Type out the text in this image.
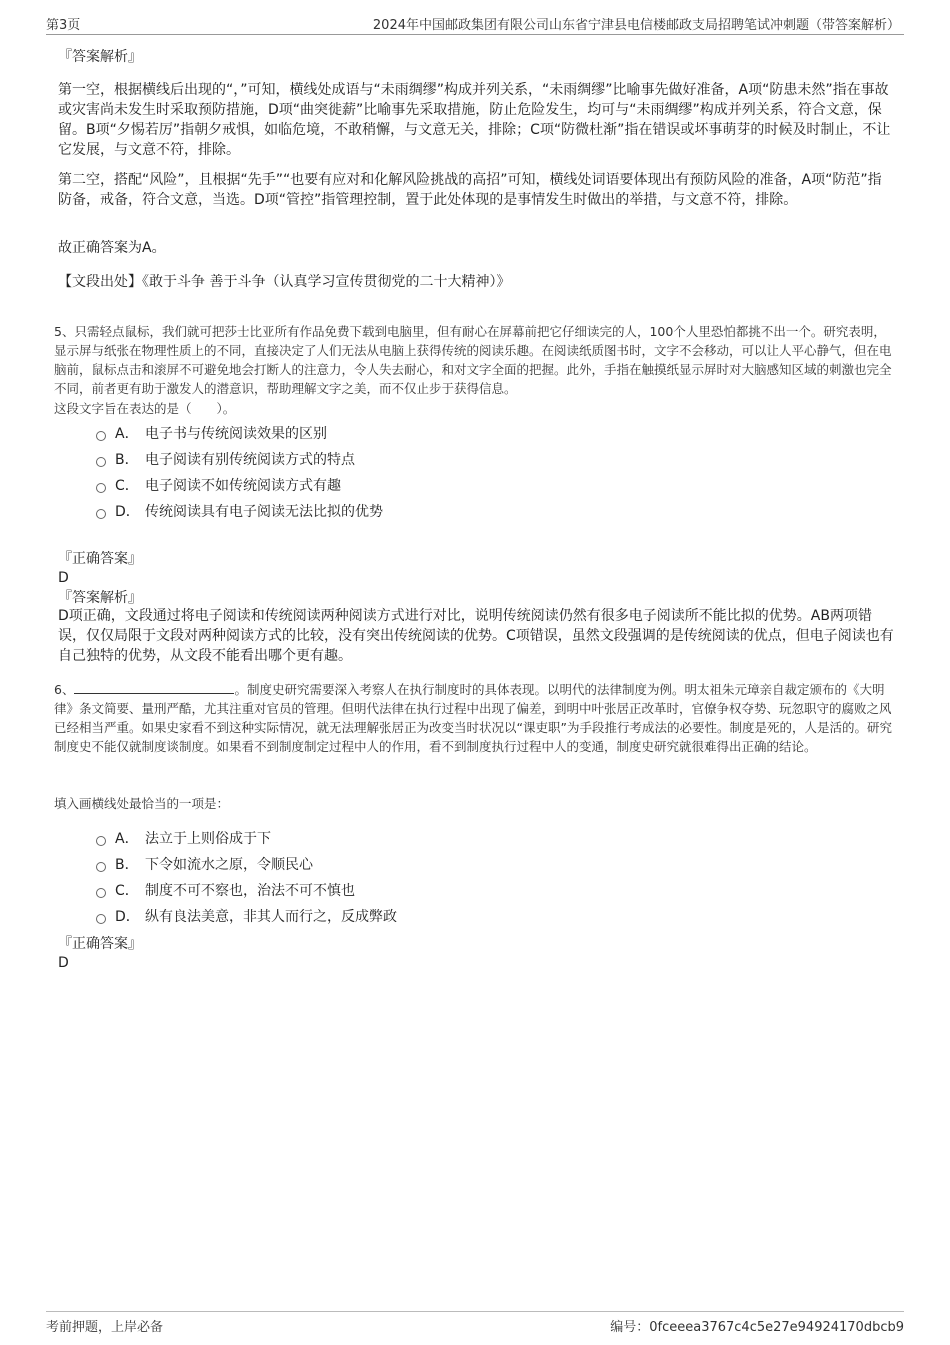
第3页	2024年中国邮政集团有限公司山东省宁津县电信楼邮政支局招聘笔试冲刺题（带答案解析）
『答案解析』

第一空，根据横线后出现的“，”可知，横线处成语与“未雨绸缪”构成并列关系，“未雨绸缪”比喻事先做好准备，A项“防患未然”指在事故或灾害尚未发生时采取预防措施，D项“曲突徙薪”比喻事先采取措施，防止危险发生，均可与“未雨绸缪”构成并列关系，符合文意，保留。B项“夕惕若厉”指朝夕戒惧，如临危境，不敢稍懈，与文意无关，排除；C项“防微杜渐”指在错误或坏事萌芽的时候及时制止，不让它发展，与文意不符，排除。

第二空，搭配“风险”，且根据“先手”“也要有应对和化解风险挑战的高招”可知，横线处词语要体现出有预防风险的准备，A项“防范”指防备，戒备，符合文意，当选。D项“管控”指管理控制，置于此处体现的是事情发生时做出的举措，与文意不符，排除。

故正确答案为A。

【文段出处】《敢于斗争 善于斗争（认真学习宣传贯彻党的二十大精神）》

5、只需轻点鼠标，我们就可把莎士比亚所有作品免费下载到电脑里，但有耐心在屏幕前把它仔细读完的人，100个人里恐怕都挑不出一个。研究表明，显示屏与纸张在物理性质上的不同，直接决定了人们无法从电脑上获得传统的阅读乐趣。在阅读纸质图书时，文字不会移动，可以让人平心静气，但在电脑前，鼠标点击和滚屏不可避免地会打断人的注意力，令人失去耐心，和对文字全面的把握。此外，手指在触摸纸显示屏时对大脑感知区域的刺激也完全不同，前者更有助于激发人的潜意识，帮助理解文字之美，而不仅止步于获得信息。

这段文字旨在表达的是（　　）。

A． 电子书与传统阅读效果的区别
B． 电子阅读有别传统阅读方式的特点
C． 电子阅读不如传统阅读方式有趣
D． 传统阅读具有电子阅读无法比拟的优势
『正确答案』
D
『答案解析』

D项正确，文段通过将电子阅读和传统阅读两种阅读方式进行对比，说明传统阅读仍然有很多电子阅读所不能比拟的优势。AB两项错误，仅仅局限于文段对两种阅读方式的比较，没有突出传统阅读的优势。C项错误，虽然文段强调的是传统阅读的优点，但电子阅读也有自己独特的优势，从文段不能看出哪个更有趣。

6、	。制度史研究需要深入考察人在执行制度时的具体表现。以明代的法律制度为例。明太祖朱元璋亲自裁定颁布的《大明律》条文简要、量刑严酷，尤其注重对官员的管理。但明代法律在执行过程中出现了偏差，到明中叶张居正改革时，官僚争权夺势、玩忽职守的腐败之风已经相当严重。如果史家看不到这种实际情况，就无法理解张居正为改变当时状况以“课吏职”为手段推行考成法的必要性。制度是死的，人是活的。研究制度史不能仅就制度谈制度。如果看不到制度制定过程中人的作用，看不到制度执行过程中人的变通，制度史研究就很难得出正确的结论。

填入画横线处最恰当的一项是：

A． 法立于上则俗成于下
B． 下令如流水之原，令顺民心
C． 制度不可不察也，治法不可不慎也
D． 纵有良法美意，非其人而行之，反成弊政
『正确答案』
D
考前押题，上岸必备	编号：0fceeea3767c4c5e27e94924170dbcb9
